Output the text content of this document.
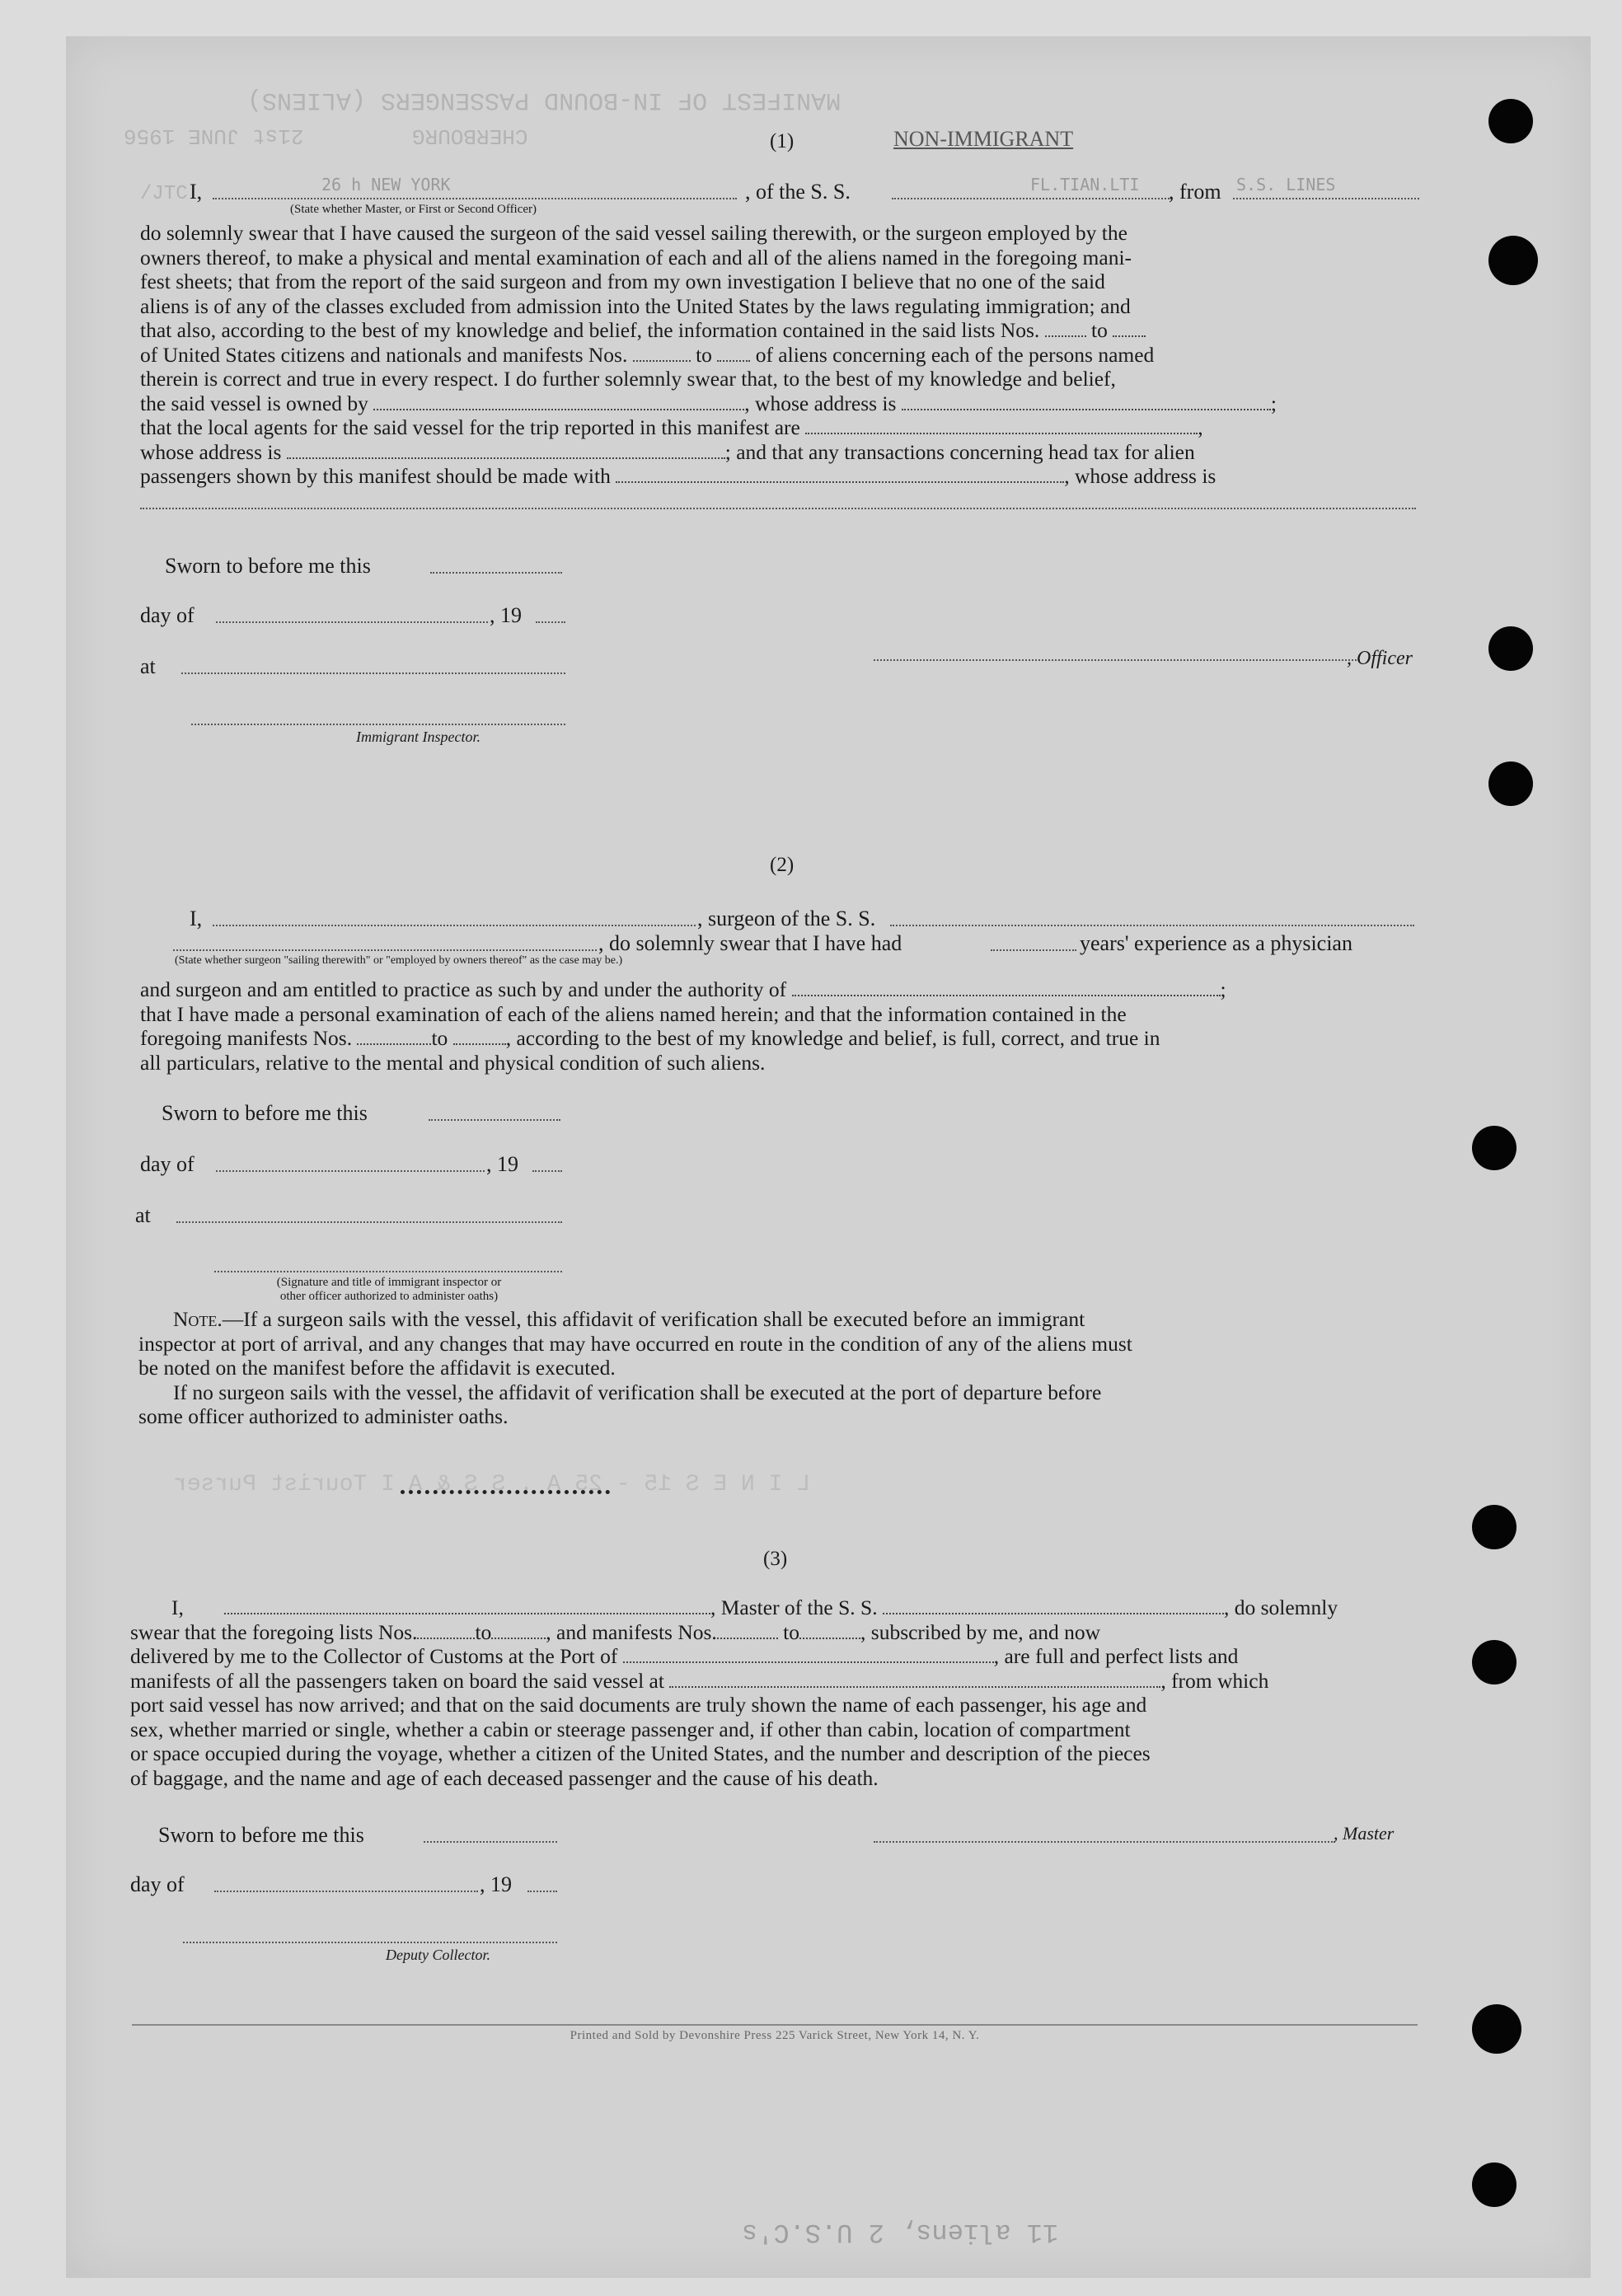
MANIFEST OF IN-BOUND PASSENGERS (ALIENS)
/JTC
21st JUNE 1956	CHERBOURG	(1)	NON-IMMIGRANT
I,	26 h NEW YORK	, of the S. S.	FL.TIAN.LTI , from S.S. LINES
(State whether Master, or First or Second Officer)

do solemnly swear that I have caused the surgeon of the said vessel sailing therewith, or the surgeon employed by the

owners thereof, to make a physical and mental examination of each and all of the aliens named in the foregoing mani-

fest sheets; that from the report of the said surgeon and from my own investigation I believe that no one of the said

aliens is of any of the classes excluded from admission into the United States by the laws regulating immigration; and

that also, according to the best of my knowledge and belief, the information contained in the said lists Nos. to

of United States citizens and nationals and manifests Nos.	to of aliens concerning each of the persons named

therein is correct and true in every respect. I do further solemnly swear that, to the best of my knowledge and belief,

the said vessel is owned by	, whose address is	;

that the local agents for the said vessel for the trip reported in this manifest are	,

whose address is	; and that any transactions concerning head tax for alien

passengers shown by this manifest should be made with	, whose address is

Sworn to before me this
day of	, 19
at	, Officer
Immigrant Inspector.
(2)
I,	, surgeon of the S. S.
, do solemnly swear that I have had	years' experience as a physician
(State whether surgeon "sailing therewith" or "employed by owners thereof" as the case may be.)

and surgeon and am entitled to practice as such by and under the authority of	;

that I have made a personal examination of each of the aliens named herein; and that the information contained in the

foregoing manifests Nos.	to	, according to the best of my knowledge and belief, is full, correct, and true in

all particulars, relative to the mental and physical condition of such aliens.

Sworn to before me this
day of	, 19
at
(Signature and title of immigrant inspector or
other officer authorized to administer oaths)

Note.—If a surgeon sails with the vessel, this affidavit of verification shall be executed before an immigrant

inspector at port of arrival, and any changes that may have occurred en route in the condition of any of the aliens must

be noted on the manifest before the affidavit is executed.

If no surgeon sails with the vessel, the affidavit of verification shall be executed at the port of departure before

some officer authorized to administer oaths.

L I N E S 15 - 25 A . S S & A I Tourist Purser
(3)

I,	, Master of the S. S.	, do solemnly

swear that the foregoing lists Nos.	to	, and manifests Nos.	to	, subscribed by me, and now

delivered by me to the Collector of Customs at the Port of	, are full and perfect lists and

manifests of all the passengers taken on board the said vessel at	, from which

port said vessel has now arrived; and that on the said documents are truly shown the name of each passenger, his age and

sex, whether married or single, whether a cabin or steerage passenger and, if other than cabin, location of compartment

or space occupied during the voyage, whether a citizen of the United States, and the number and description of the pieces

of baggage, and the name and age of each deceased passenger and the cause of his death.

Sworn to before me this	, Master
day of	, 19
Deputy Collector.
Printed and Sold by Devonshire Press 225 Varick Street, New York 14, N. Y.
11 aliens, 2 U.S.C's
